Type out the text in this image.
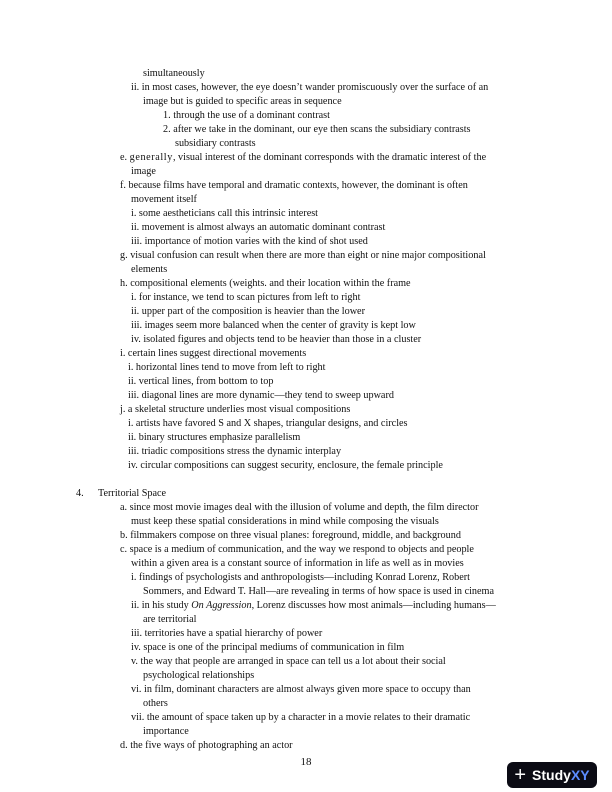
simultaneously
ii. in most cases, however, the eye doesn’t wander promiscuously over the surface of an
image but is guided to specific areas in sequence
1. through the use of a dominant contrast
2. after we take in the dominant, our eye then scans the subsidiary contrasts
subsidiary contrasts
e. generally, visual interest of the dominant corresponds with the dramatic interest of the
image
f. because films have temporal and dramatic contexts, however, the dominant is often
movement itself
i. some aestheticians call this intrinsic interest
ii. movement is almost always an automatic dominant contrast
iii. importance of motion varies with the kind of shot used
g. visual confusion can result when there are more than eight or nine major compositional
elements
h. compositional elements (weights. and their location within the frame
i. for instance, we tend to scan pictures from left to right
ii. upper part of the composition is heavier than the lower
iii. images seem more balanced when the center of gravity is kept low
iv. isolated figures and objects tend to be heavier than those in a cluster
i. certain lines suggest directional movements
i. horizontal lines tend to move from left to right
ii. vertical lines, from bottom to top
iii. diagonal lines are more dynamic—they tend to sweep upward
j. a skeletal structure underlies most visual compositions
i. artists have favored S and X shapes, triangular designs, and circles
ii. binary structures emphasize parallelism
iii. triadic compositions stress the dynamic interplay
iv. circular compositions can suggest security, enclosure, the female principle
4. Territorial Space
a. since most movie images deal with the illusion of volume and depth, the film director
must keep these spatial considerations in mind while composing the visuals
b. filmmakers compose on three visual planes: foreground, middle, and background
c. space is a medium of communication, and the way we respond to objects and people
within a given area is a constant source of information in life as well as in movies
i. findings of psychologists and anthropologists—including Konrad Lorenz, Robert
Sommers, and Edward T. Hall—are revealing in terms of how space is used in cinema
ii. in his study On Aggression, Lorenz discusses how most animals—including humans—
are territorial
iii. territories have a spatial hierarchy of power
iv. space is one of the principal mediums of communication in film
v. the way that people are arranged in space can tell us a lot about their social
psychological relationships
vi. in film, dominant characters are almost always given more space to occupy than
others
vii. the amount of space taken up by a character in a movie relates to their dramatic
importance
d. the five ways of photographing an actor
18
+ StudyXY
